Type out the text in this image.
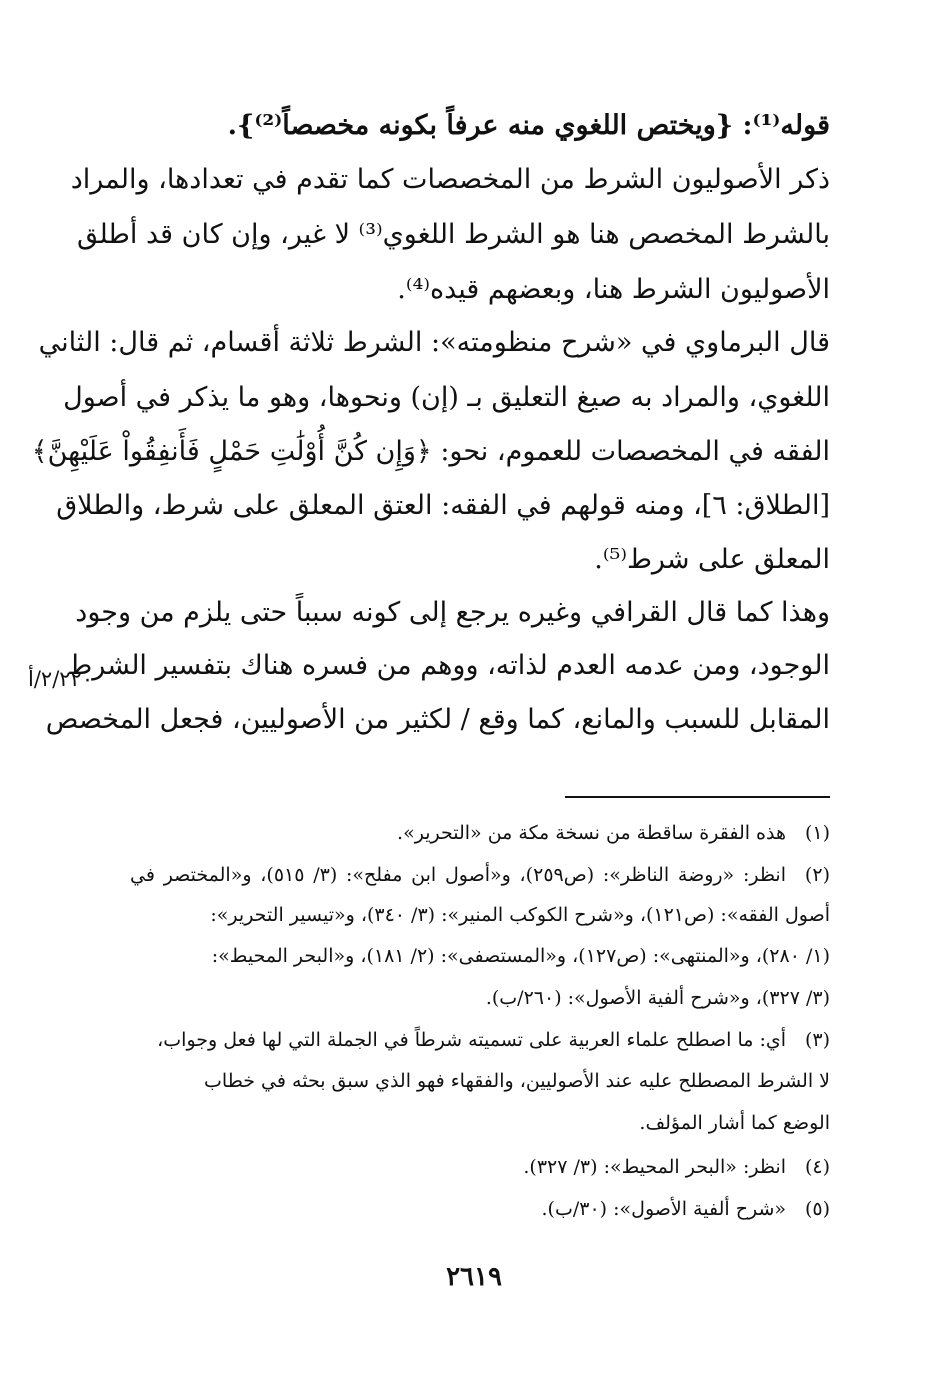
قوله⁽¹⁾: {ويختص اللغوي منه عرفاً بكونه مخصصاً⁽²⁾}.
ذكر الأصوليون الشرط من المخصصات كما تقدم في تعدادها، والمراد
بالشرط المخصص هنا هو الشرط اللغوي⁽³⁾ لا غير، وإن كان قد أطلق
الأصوليون الشرط هنا، وبعضهم قيده⁽⁴⁾.
قال البرماوي في «شرح منظومته»: الشرط ثلاثة أقسام، ثم قال: الثاني
اللغوي، والمراد به صيغ التعليق بـ (إن) ونحوها، وهو ما يذكر في أصول
الفقه في المخصصات للعموم، نحو: ﴿وَإِن كُنَّ أُوْلَٰتِ حَمْلٍ فَأَنفِقُواْ عَلَيْهِنَّ﴾
[الطلاق: ٦]، ومنه قولهم في الفقه: العتق المعلق على شرط، والطلاق
المعلق على شرط⁽⁵⁾.
وهذا كما قال القرافي وغيره يرجع إلى كونه سبباً حتى يلزم من وجود
الوجود، ومن عدمه العدم لذاته، ووهم من فسره هناك بتفسير الشرط
المقابل للسبب والمانع، كما وقع / لكثير من الأصوليين، فجعل المخصص
٢/٢٢٠/أ
(١)هذه الفقرة ساقطة من نسخة مكة من «التحرير».
(٢)انظر: «روضة الناظر»: (ص٢٥٩)، و«أصول ابن مفلح»: (٣/ ٥١٥)، و«المختصر في
أصول الفقه»: (ص١٢١)، و«شرح الكوكب المنير»: (٣/ ٣٤٠)، و«تيسير التحرير»:
(١/ ٢٨٠)، و«المنتهى»: (ص١٢٧)، و«المستصفى»: (٢/ ١٨١)، و«البحر المحيط»:
(٣/ ٣٢٧)، و«شرح ألفية الأصول»: (٢٦٠/ب).
(٣)أي: ما اصطلح علماء العربية على تسميته شرطاً في الجملة التي لها فعل وجواب،
لا الشرط المصطلح عليه عند الأصوليين، والفقهاء فهو الذي سبق بحثه في خطاب
الوضع كما أشار المؤلف.
(٤)انظر: «البحر المحيط»: (٣/ ٣٢٧).
(٥)«شرح ألفية الأصول»: (٣٠/ب).
٢٦١٩
